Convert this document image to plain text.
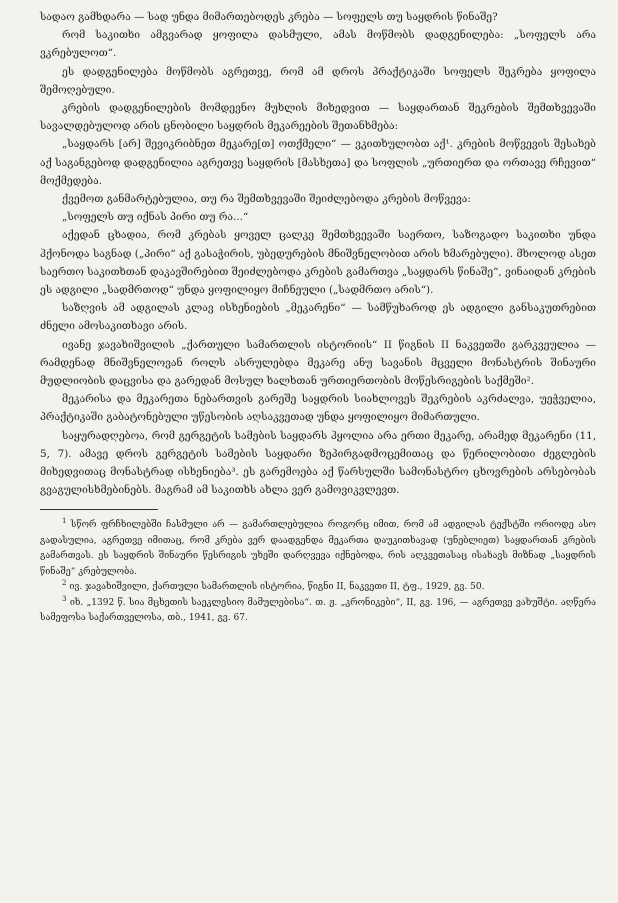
სადაო გამხდარა — სად უნდა მიმართებოდეს კრება — სოფელს თუ საყდრის წინაშე?

რომ საკითხი ამგვარად ყოფილა დასმული, ამას მოწმობს დადგენილება: „სოფელს არა ვკრებულოთ“.

ეს დადგენილება მოწმობს აგრეთვე, რომ ამ დროს პრაქტიკაში სოფელს შეკრება ყოფილა შემოღებული.

კრების დადგენილების მომდევნო მუხლის მიხედვით — საყდართან შეკრების შემთხვევაში სავალდებულოდ არის ცნობილი საყდრის მეკარეების შეთანხმება:

„საყდარს [არ] შევიკრიბნეთ მეკარე[თ] ოთქმელი“ — ვკითხულობთ აქ¹. კრების მოწვევის შესახებ აქ საგანგებოდ დადგენილია აგრეთვე საყდრის [მასხეთა] და სოფლის „ურთიერთ და ორთავე რჩევით“ მოქმედება.

ქვემოთ განმარტებულია, თუ რა შემთხვევაში შეიძლებოდა კრების მოწვევა:

„სოფელს თუ იქნას პირი თუ რა...“

აქედან ცხადია, რომ კრებას ყოველ ცალკე შემთხვევაში საერთო, საზოგადო საკითხი უნდა ჰქონოდა საგნად („პირი“ აქ გასაჭირის, უბედურების მნიშვნელობით არის ხმარებული). მხოლოდ ასეთ საერთო საკითხთან დაკავშირებით შეიძლებოდა კრების გამართვა „საყდარს წინაშე“, ვინაიდან კრების ეს ადგილი „სადმრთოდ“ უნდა ყოფილიყო მიჩნეული („სადმრთო არის“).

საზღვის ამ ადგილას კლავ ისხენიების „მეკარენი“ — სამწუხაროდ ეს ადგილი განსაკუთრებით ძნელი ამოსაკითხავი არის.

ივანე ჯავახიშვილის „ქართული სამართლის ისტორიის“ II წიგნის II ნაკვეთში გარკვეულია — რამდენად მნიშვნელოვან როლს ასრულებდა მეკარე ანუ სავანის მცველი მონასტრის შინაური მუდლიობის დაცვისა და გარედან მოსულ ხალხთან ურთიერთობის მოწესრიგების საქმეში².

მეკარისა და მეკარეთა ნებართვის გარეშე საყდრის სიახლოვეს შეკრების აკრძალვა, უეჭველია, პრაქტიკაში გაბატონებული უწესობის აღსაკვეთად უნდა ყოფილიყო მიმართული.

საყურადღებოა, რომ გერგეტის სამების საყდარს ჰყოლია არა ერთი მეკარე, არამედ მეკარენი (11, 5, 7). ამავე დროს გერგეტის სამების საყდარი ზეპირგადმოცემითაც და წერილობითი ძეგლების მიხედვითაც მონასტრად ისხენიება³. ეს გარემოება აქ წარსულში სამონასტრო ცხოვრების არსებობას გვაგულისხმებინებს. მაგრამ ამ საკითხს ახლა ვერ გამოვიკვლევთ.

$^1$ სწორ ფრჩხილებში ჩასმული არ — გამართლებულია როგორც იმით, რომ ამ ადგილას ტექსტში ორიოდე ასო გადასულია, აგრეთვე იმითაც, რომ კრება ვერ დაადგენდა მეკართა დაუკითხავად (უნებლიეთ) საყდართან კრების გამართვას. ეს საყდრის შინაური წესრიგის უხეში დარღვევა იქნებოდა, რის აღკვეთასაც ისახავს მიზნად „საყდრის წინაშე“ კრებულობა.

$^2$ ივ. ჯავახიშვილი, ქართული სამართლის ისტორია, წიგნი II, ნაკვეთი II, ტფ., 1929, გვ. 50.

$^3$ იხ. „1392 წ. სია მცხეთის საეკლესიო მამულებისა“. თ. ჟ. „კრონიკები“, II, გვ. 196, — აგრეთვე ვახუშტი. აღწერა სამეფოსა საქართველოსა, თბ., 1941, გვ. 67.
